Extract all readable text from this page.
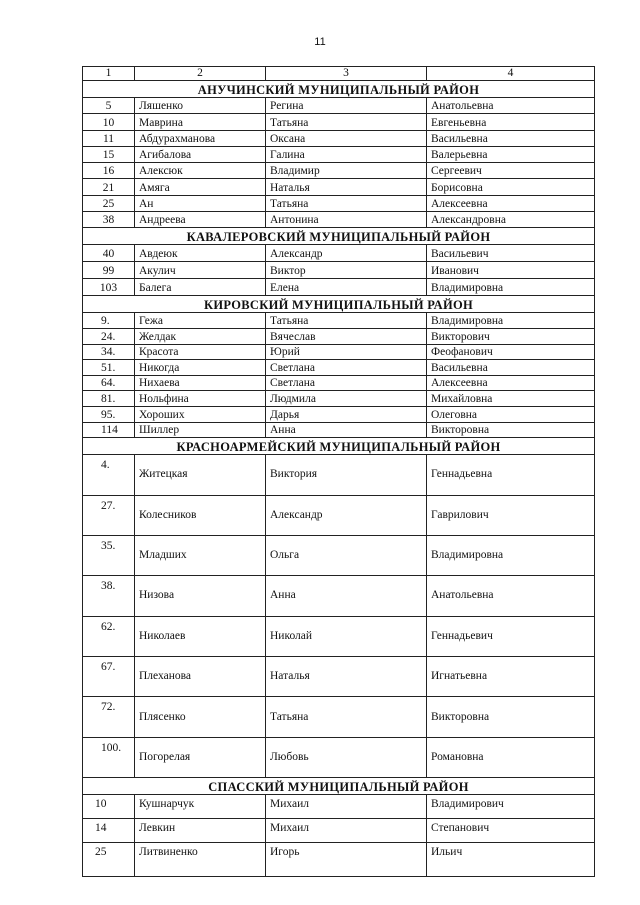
11
1	2	3	4
АНУЧИНСКИЙ МУНИЦИПАЛЬНЫЙ РАЙОН			
5	Ляшенко	Регина	Анатольевна
10	Маврина	Татьяна	Евгеньевна
11	Абдурахманова	Оксана	Васильевна
15	Агибалова	Галина	Валерьевна
16	Алексюк	Владимир	Сергеевич
21	Амяга	Наталья	Борисовна
25	Ан	Татьяна	Алексеевна
38	Андреева	Антонина	Александровна
КАВАЛЕРОВСКИЙ МУНИЦИПАЛЬНЫЙ РАЙОН			
40	Авдеюк	Александр	Васильевич
99	Акулич	Виктор	Иванович
103	Балега	Елена	Владимировна
КИРОВСКИЙ МУНИЦИПАЛЬНЫЙ РАЙОН			
9.	Гежа	Татьяна	Владимировна
24.	Желдак	Вячеслав	Викторович
34.	Красота	Юрий	Феофанович
51.	Никогда	Светлана	Васильевна
64.	Нихаева	Светлана	Алексеевна
81.	Нольфина	Людмила	Михайловна
95.	Хороших	Дарья	Олеговна
114	Шиллер	Анна	Викторовна
КРАСНОАРМЕЙСКИЙ МУНИЦИПАЛЬНЫЙ РАЙОН			
4.	Житецкая	Виктория	Геннадьевна
27.	Колесников	Александр	Гаврилович
35.	Младших	Ольга	Владимировна
38.	Низова	Анна	Анатольевна
62.	Николаев	Николай	Геннадьевич
67.	Плеханова	Наталья	Игнатьевна
72.	Плясенко	Татьяна	Викторовна
100.	Погорелая	Любовь	Романовна
СПАССКИЙ МУНИЦИПАЛЬНЫЙ РАЙОН			
10	Кушнарчук	Михаил	Владимирович
14	Левкин	Михаил	Степанович
25	Литвиненко	Игорь	Ильич
